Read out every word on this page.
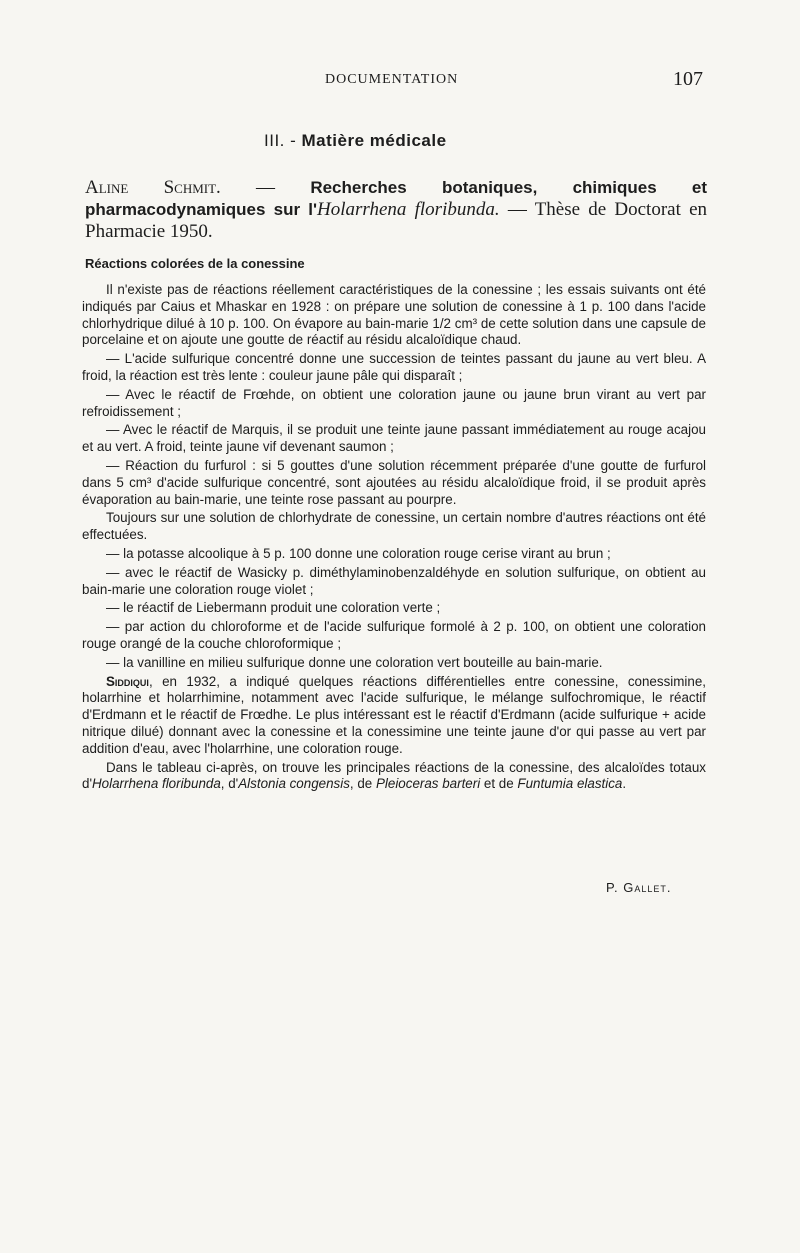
DOCUMENTATION	107
III. - Matière médicale
Aline Schmit. — Recherches botaniques, chimiques et pharmacodynamiques sur l'Holarrhena floribunda. — Thèse de Doctorat en Pharmacie 1950.
Réactions colorées de la conessine

Il n'existe pas de réactions réellement caractéristiques de la conessine ; les essais suivants ont été indiqués par Caius et Mhaskar en 1928 : on prépare une solution de conessine à 1 p. 100 dans l'acide chlorhydrique dilué à 10 p. 100. On évapore au bain-marie 1/2 cm³ de cette solution dans une capsule de porcelaine et on ajoute une goutte de réactif au résidu alcaloïdique chaud.

— L'acide sulfurique concentré donne une succession de teintes passant du jaune au vert bleu. A froid, la réaction est très lente : couleur jaune pâle qui disparaît ;

— Avec le réactif de Frœhde, on obtient une coloration jaune ou jaune brun virant au vert par refroidissement ;

— Avec le réactif de Marquis, il se produit une teinte jaune passant immédiatement au rouge acajou et au vert. A froid, teinte jaune vif devenant saumon ;

— Réaction du furfurol : si 5 gouttes d'une solution récemment préparée d'une goutte de furfurol dans 5 cm³ d'acide sulfurique concentré, sont ajoutées au résidu alcaloïdique froid, il se produit après évaporation au bain-marie, une teinte rose passant au pourpre.

Toujours sur une solution de chlorhydrate de conessine, un certain nombre d'autres réactions ont été effectuées.

— la potasse alcoolique à 5 p. 100 donne une coloration rouge cerise virant au brun ;

— avec le réactif de Wasicky p. diméthylaminobenzaldéhyde en solution sulfurique, on obtient au bain-marie une coloration rouge violet ;

— le réactif de Liebermann produit une coloration verte ;

— par action du chloroforme et de l'acide sulfurique formolé à 2 p. 100, on obtient une coloration rouge orangé de la couche chloroformique ;

— la vanilline en milieu sulfurique donne une coloration vert bouteille au bain-marie.

Siddiqui, en 1932, a indiqué quelques réactions différentielles entre conessine, conessimine, holarrhine et holarrhimine, notamment avec l'acide sulfurique, le mélange sulfochromique, le réactif d'Erdmann et le réactif de Frœdhe. Le plus intéressant est le réactif d'Erdmann (acide sulfurique + acide nitrique dilué) donnant avec la conessine et la conessimine une teinte jaune d'or qui passe au vert par addition d'eau, avec l'holarrhine, une coloration rouge.

Dans le tableau ci-après, on trouve les principales réactions de la conessine, des alcaloïdes totaux d'Holarrhena floribunda, d'Alstonia congensis, de Pleioceras barteri et de Funtumia elastica.

P. Gallet.
